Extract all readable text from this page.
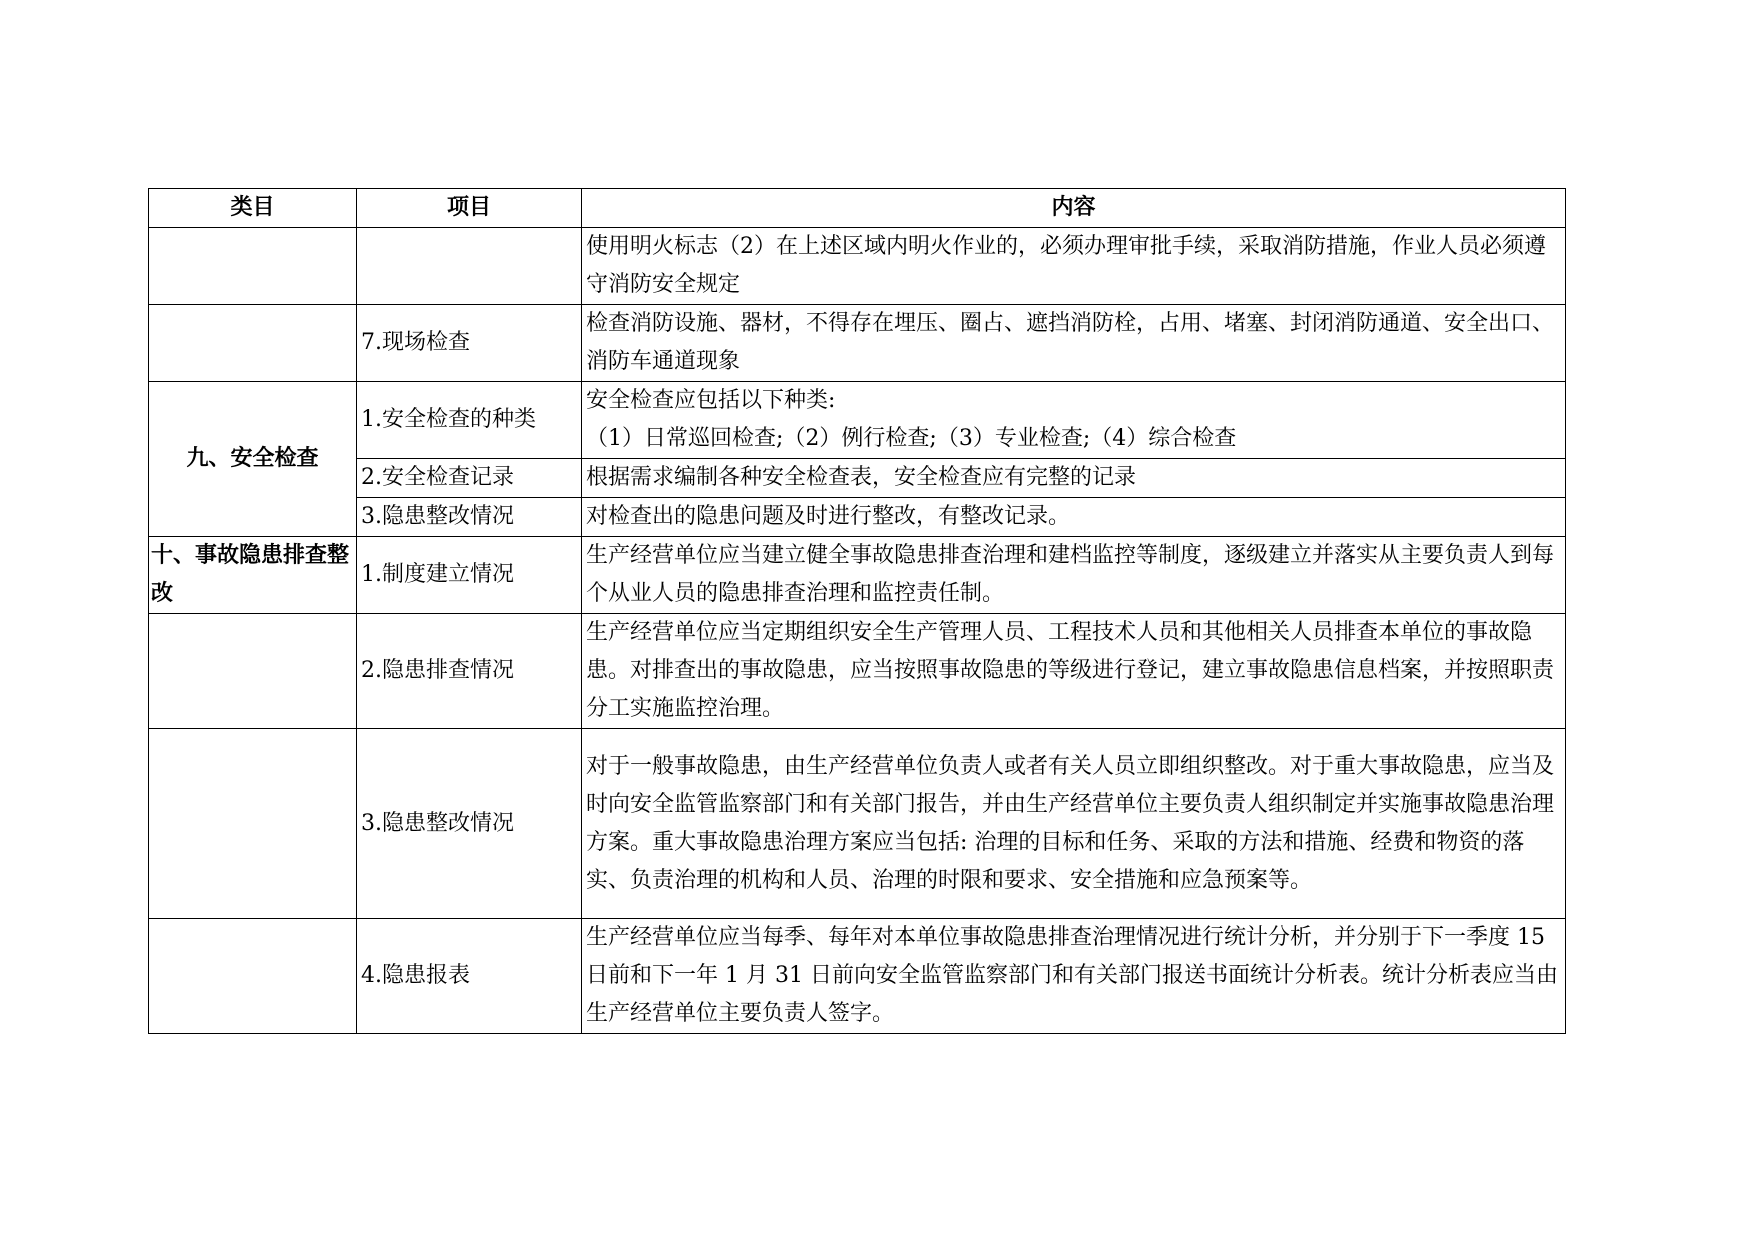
类目	项目	内容
		使用明火标志（2）在上述区域内明火作业的，必须办理审批手续，采取消防措施，作业人员必须遵守消防安全规定
	7.现场检查	检查消防设施、器材，不得存在埋压、圈占、遮挡消防栓，占用、堵塞、封闭消防通道、安全出口、消防车通道现象
九、安全检查	1.安全检查的种类	安全检查应包括以下种类:
（1）日常巡回检查;（2）例行检查;（3）专业检查;（4）综合检查

	2.安全检查记录	根据需求编制各种安全检查表，安全检查应有完整的记录
	3.隐患整改情况	对检查出的隐患问题及时进行整改，有整改记录。
十、事故隐患排查整改	1.制度建立情况	生产经营单位应当建立健全事故隐患排查治理和建档监控等制度，逐级建立并落实从主要负责人到每个从业人员的隐患排查治理和监控责任制。
	2.隐患排查情况	生产经营单位应当定期组织安全生产管理人员、工程技术人员和其他相关人员排查本单位的事故隐患。对排查出的事故隐患，应当按照事故隐患的等级进行登记，建立事故隐患信息档案，并按照职责分工实施监控治理。
	3.隐患整改情况	对于一般事故隐患，由生产经营单位负责人或者有关人员立即组织整改。对于重大事故隐患，应当及时向安全监管监察部门和有关部门报告，并由生产经营单位主要负责人组织制定并实施事故隐患治理方案。重大事故隐患治理方案应当包括: 治理的目标和任务、采取的方法和措施、经费和物资的落实、负责治理的机构和人员、治理的时限和要求、安全措施和应急预案等。
	4.隐患报表	生产经营单位应当每季、每年对本单位事故隐患排查治理情况进行统计分析，并分别于下一季度 15 日前和下一年 1 月 31 日前向安全监管监察部门和有关部门报送书面统计分析表。统计分析表应当由生产经营单位主要负责人签字。
